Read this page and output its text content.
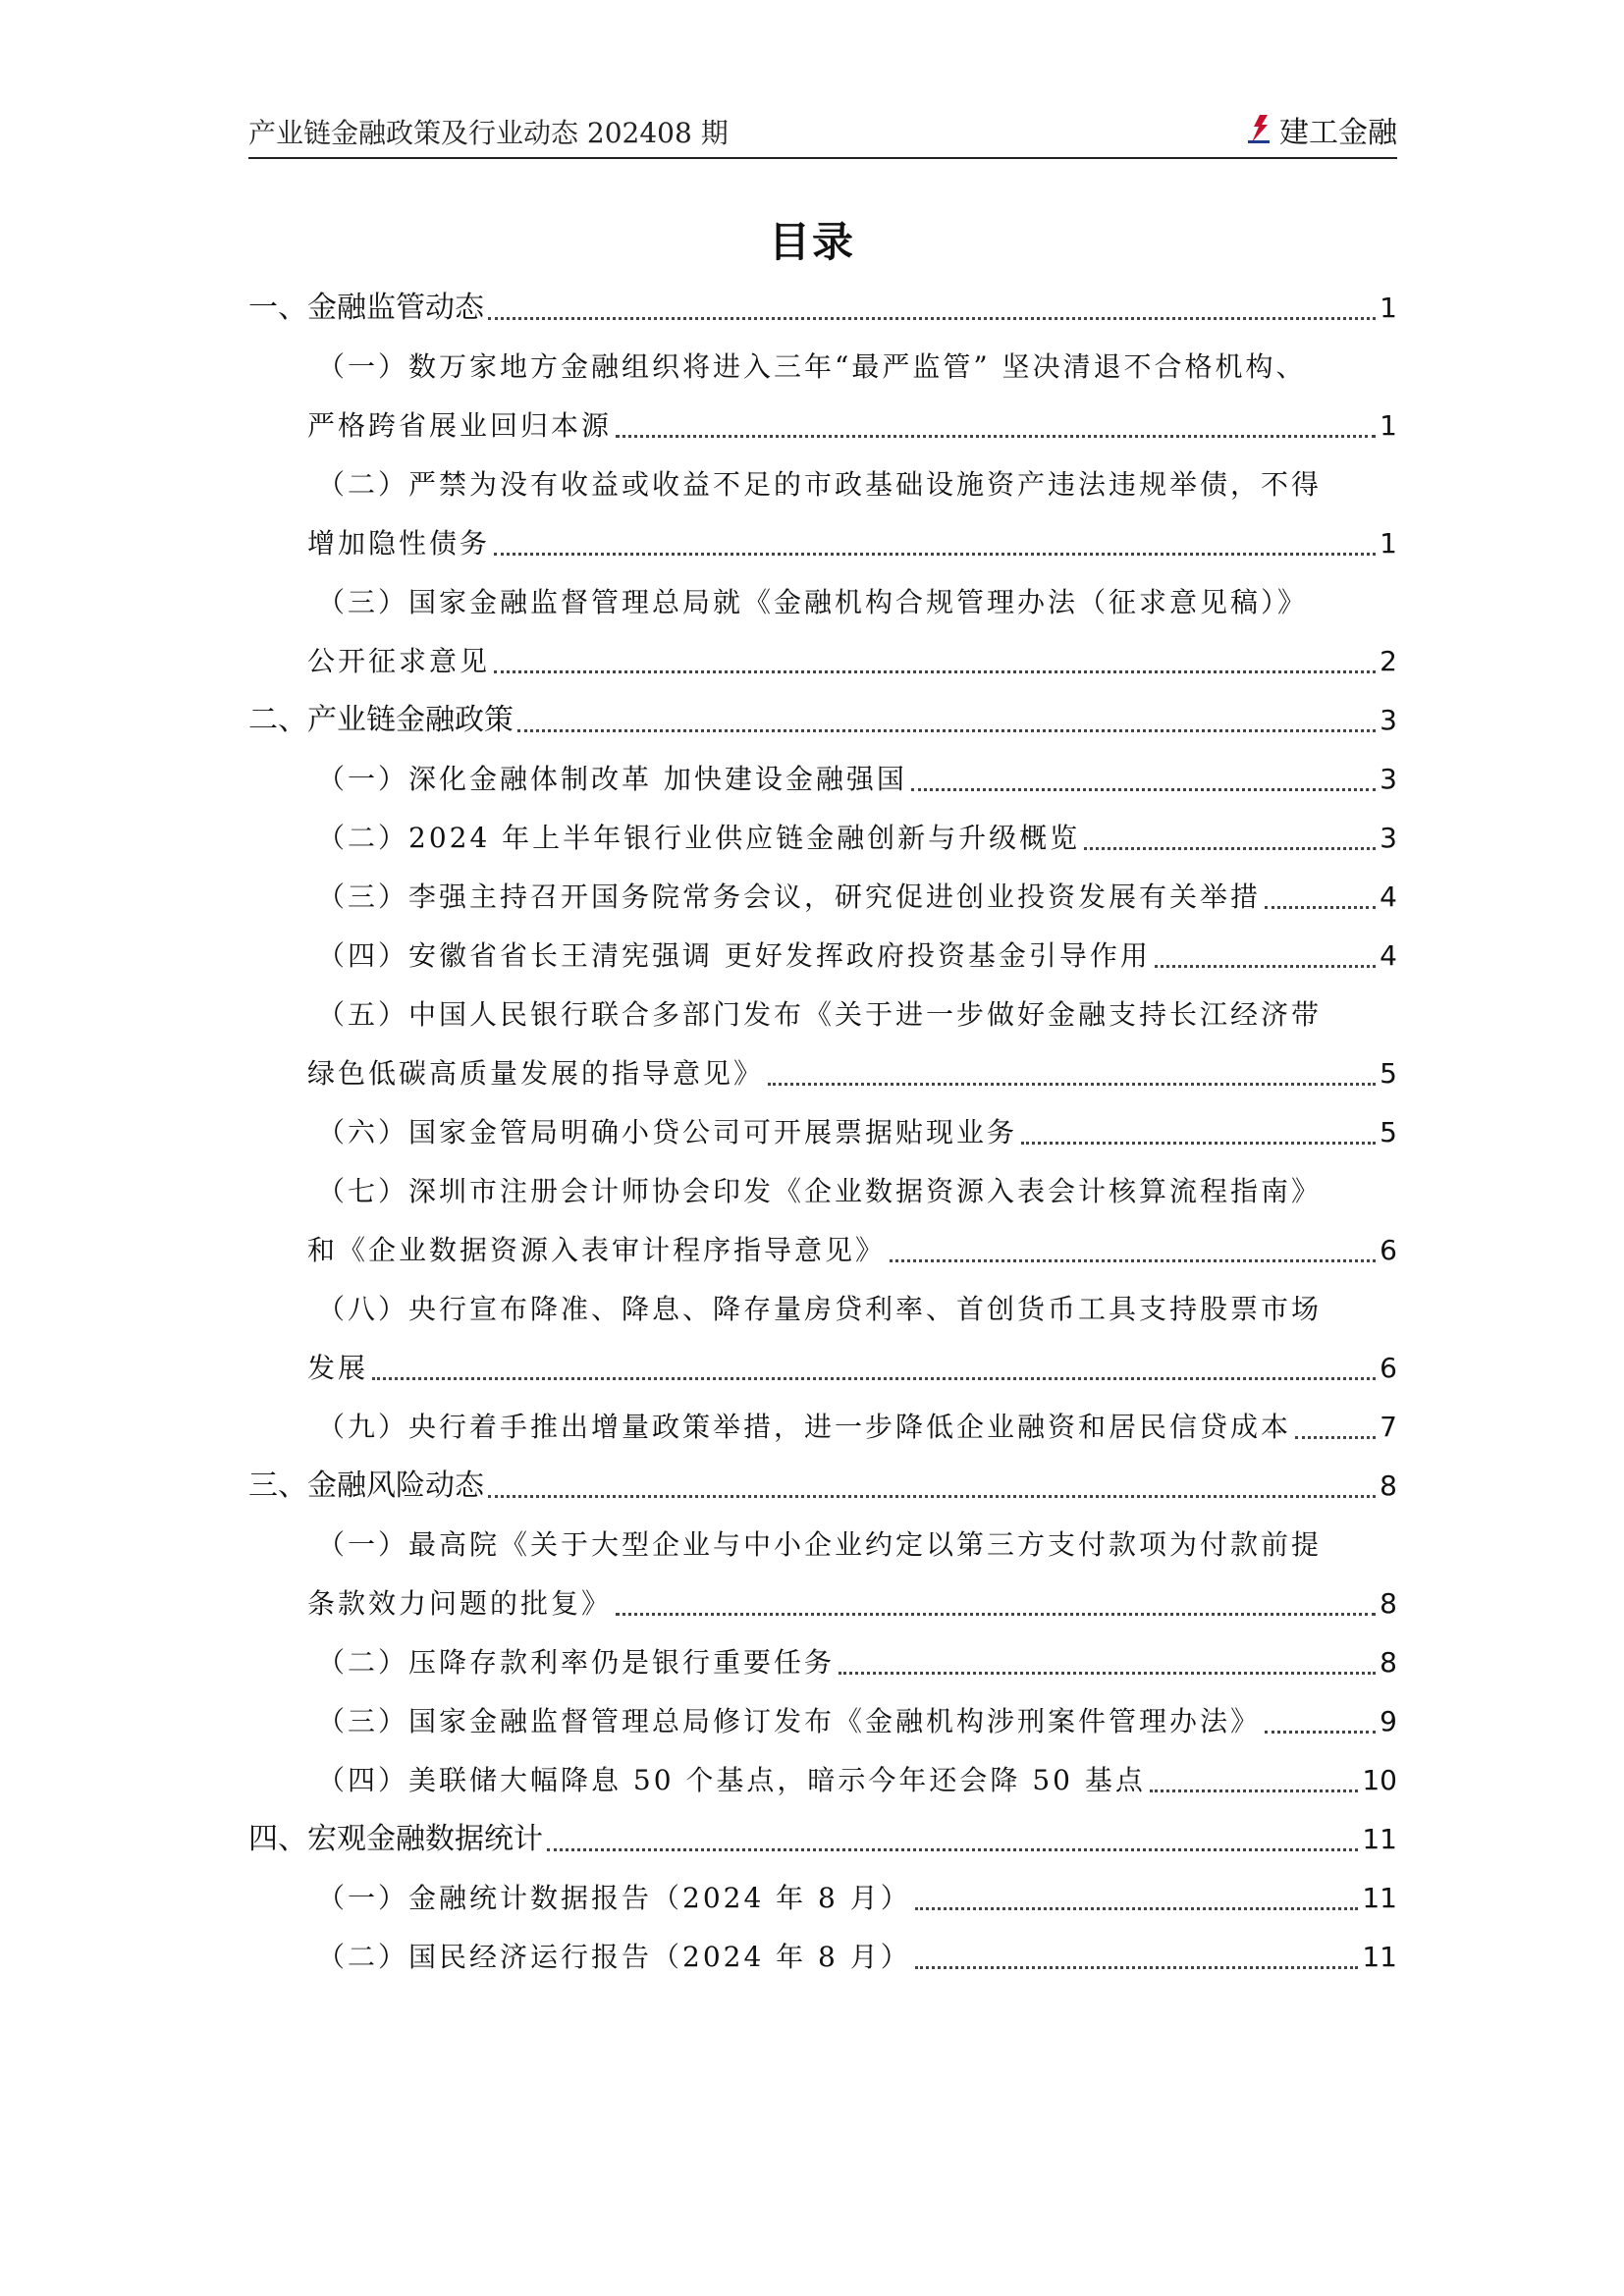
产业链金融政策及行业动态 202408 期	建工金融
目录
一、金融监管动态	1
（一）数万家地方金融组织将进入三年“最严监管” 坚决清退不合格机构、
严格跨省展业回归本源	1
（二）严禁为没有收益或收益不足的市政基础设施资产违法违规举债，不得
增加隐性债务	1
（三）国家金融监督管理总局就《金融机构合规管理办法（征求意见稿）》
公开征求意见	2
二、产业链金融政策	3
（一）深化金融体制改革 加快建设金融强国	3
（二）2024 年上半年银行业供应链金融创新与升级概览	3
（三）李强主持召开国务院常务会议，研究促进创业投资发展有关举措	4
（四）安徽省省长王清宪强调 更好发挥政府投资基金引导作用	4
（五）中国人民银行联合多部门发布《关于进一步做好金融支持长江经济带
绿色低碳高质量发展的指导意见》	5
（六）国家金管局明确小贷公司可开展票据贴现业务	5
（七）深圳市注册会计师协会印发《企业数据资源入表会计核算流程指南》
和《企业数据资源入表审计程序指导意见》	6
（八）央行宣布降准、降息、降存量房贷利率、首创货币工具支持股票市场
发展	6
（九）央行着手推出增量政策举措，进一步降低企业融资和居民信贷成本	7
三、金融风险动态	8
（一）最高院《关于大型企业与中小企业约定以第三方支付款项为付款前提
条款效力问题的批复》	8
（二）压降存款利率仍是银行重要任务	8
（三）国家金融监督管理总局修订发布《金融机构涉刑案件管理办法》	9
（四）美联储大幅降息 50 个基点，暗示今年还会降 50 基点	10
四、宏观金融数据统计	11
（一）金融统计数据报告（2024 年 8 月）	11
（二）国民经济运行报告（2024 年 8 月）	11
